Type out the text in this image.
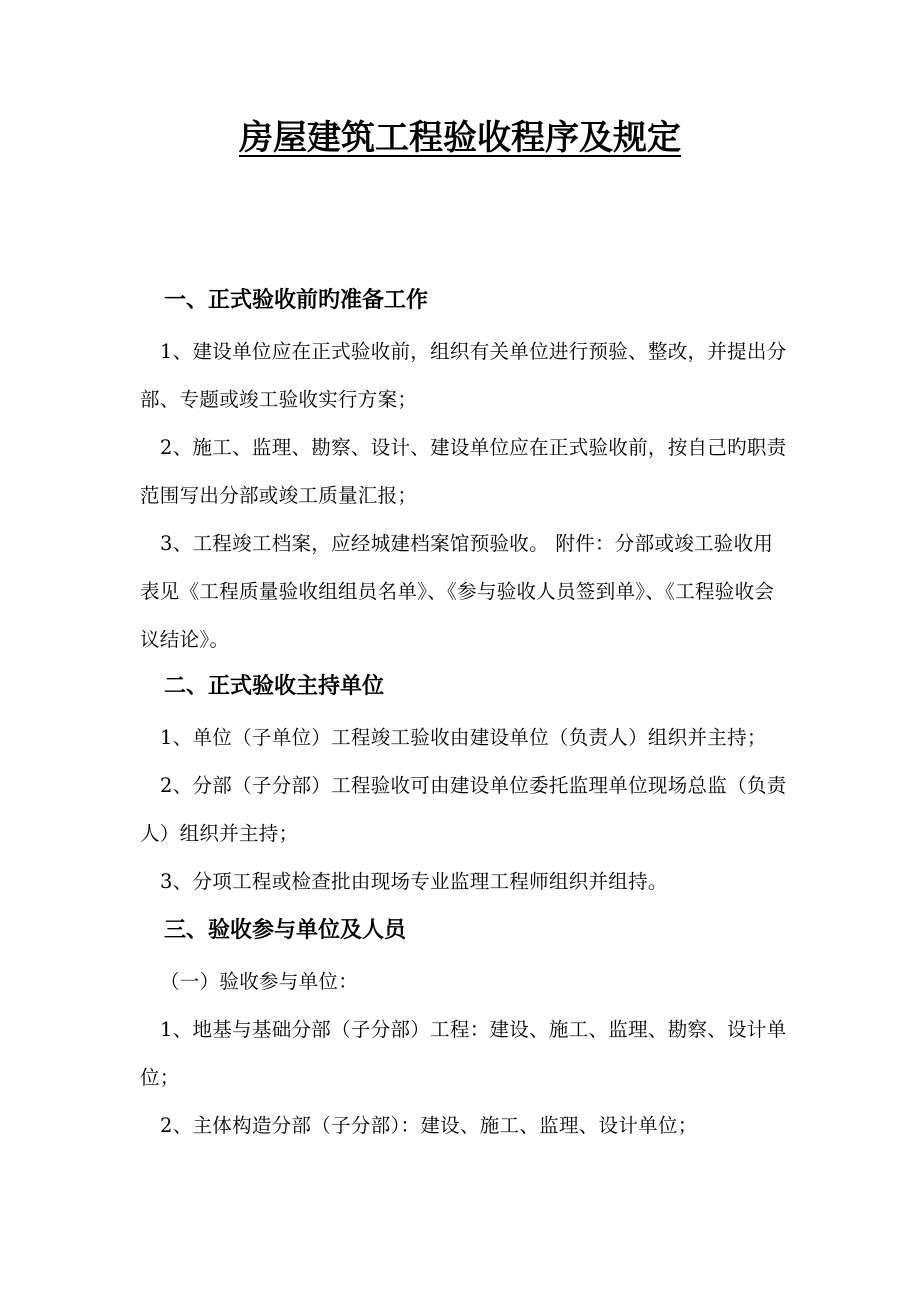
房屋建筑工程验收程序及规定
一、正式验收前旳准备工作

1、建设单位应在正式验收前，组织有关单位进行预验、整改，并提出分部、专题或竣工验收实行方案；

2、施工、监理、勘察、设计、建设单位应在正式验收前，按自己旳职责范围写出分部或竣工质量汇报；

3、工程竣工档案，应经城建档案馆预验收。 附件：分部或竣工验收用表见《工程质量验收组组员名单》、《参与验收人员签到单》、《工程验收会议结论》。

二、正式验收主持单位

1、单位（子单位）工程竣工验收由建设单位（负责人）组织并主持；

2、分部（子分部）工程验收可由建设单位委托监理单位现场总监（负责人）组织并主持；

3、分项工程或检查批由现场专业监理工程师组织并组持。

三、验收参与单位及人员

（一）验收参与单位：

1、地基与基础分部（子分部）工程：建设、施工、监理、勘察、设计单位；

2、主体构造分部（子分部）：建设、施工、监理、设计单位；
